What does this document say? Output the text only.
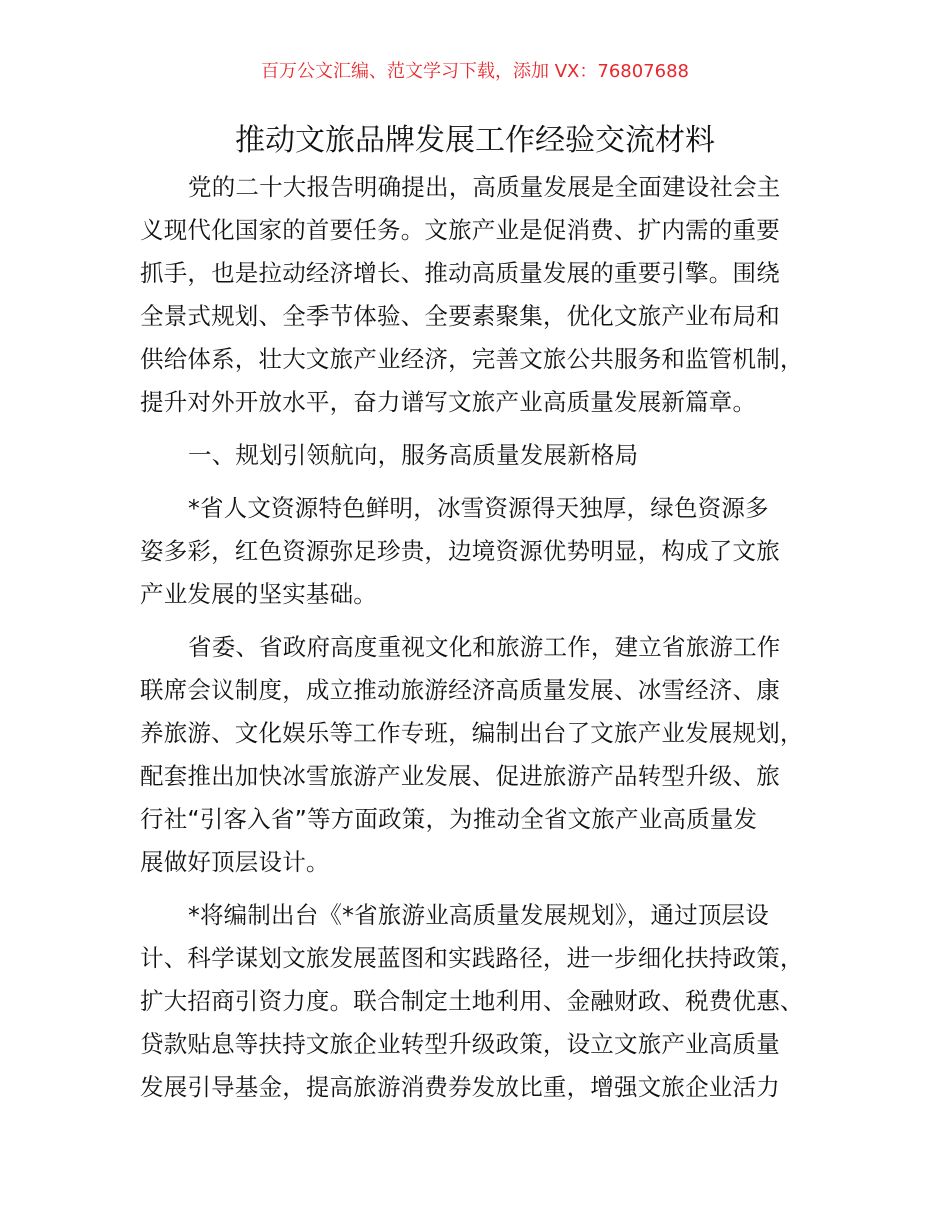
百万公文汇编、范文学习下载，添加 VX：76807688
推动文旅品牌发展工作经验交流材料
党的二十大报告明确提出，高质量发展是全面建设社会主
义现代化国家的首要任务。文旅产业是促消费、扩内需的重要
抓手，也是拉动经济增长、推动高质量发展的重要引擎。围绕
全景式规划、全季节体验、全要素聚集，优化文旅产业布局和
供给体系，壮大文旅产业经济，完善文旅公共服务和监管机制，
提升对外开放水平，奋力谱写文旅产业高质量发展新篇章。
一、规划引领航向，服务高质量发展新格局
*省人文资源特色鲜明，冰雪资源得天独厚，绿色资源多
姿多彩，红色资源弥足珍贵，边境资源优势明显，构成了文旅
产业发展的坚实基础。
省委、省政府高度重视文化和旅游工作，建立省旅游工作
联席会议制度，成立推动旅游经济高质量发展、冰雪经济、康
养旅游、文化娱乐等工作专班，编制出台了文旅产业发展规划，
配套推出加快冰雪旅游产业发展、促进旅游产品转型升级、旅
行社“引客入省”等方面政策，为推动全省文旅产业高质量发
展做好顶层设计。
*将编制出台《*省旅游业高质量发展规划》，通过顶层设
计、科学谋划文旅发展蓝图和实践路径，进一步细化扶持政策，
扩大招商引资力度。联合制定土地利用、金融财政、税费优惠、
贷款贴息等扶持文旅企业转型升级政策，设立文旅产业高质量
发展引导基金，提高旅游消费券发放比重，增强文旅企业活力
